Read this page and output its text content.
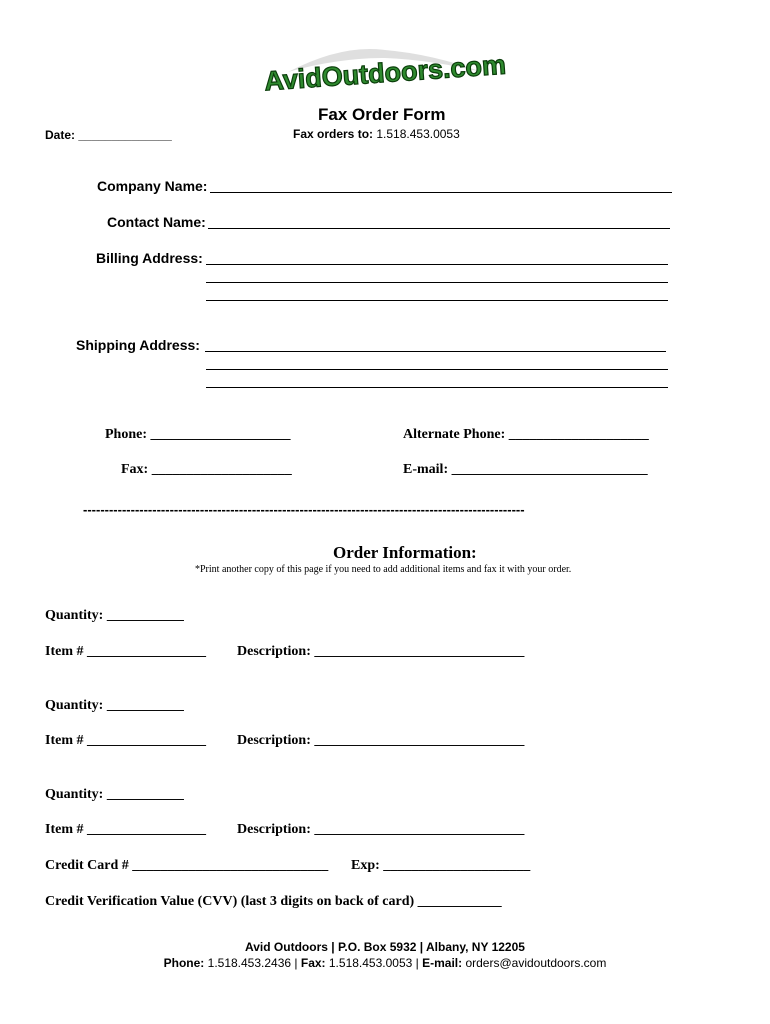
AvidOutdoors.com
Fax Order Form
Date: ______________	Fax orders to: 1.518.453.0053
Company Name:
Contact Name:
Billing Address:
Shipping Address:
Phone: ____________________	Alternate Phone: ____________________
Fax: ____________________	E-mail: ____________________________
------------------------------------------------------------------------------------------------------
Order Information:
*Print another copy of this page if you need to add additional items and fax it with your order.
Quantity: ___________
Item # _________________ Description: ______________________________
Quantity: ___________
Item # _________________ Description: ______________________________
Quantity: ___________
Item # _________________ Description: ______________________________
Credit Card # ____________________________ Exp: _____________________
Credit Verification Value (CVV) (last 3 digits on back of card) ____________
Avid Outdoors | P.O. Box 5932 | Albany, NY 12205
Phone: 1.518.453.2436 | Fax: 1.518.453.0053 | E-mail: orders@avidoutdoors.com
